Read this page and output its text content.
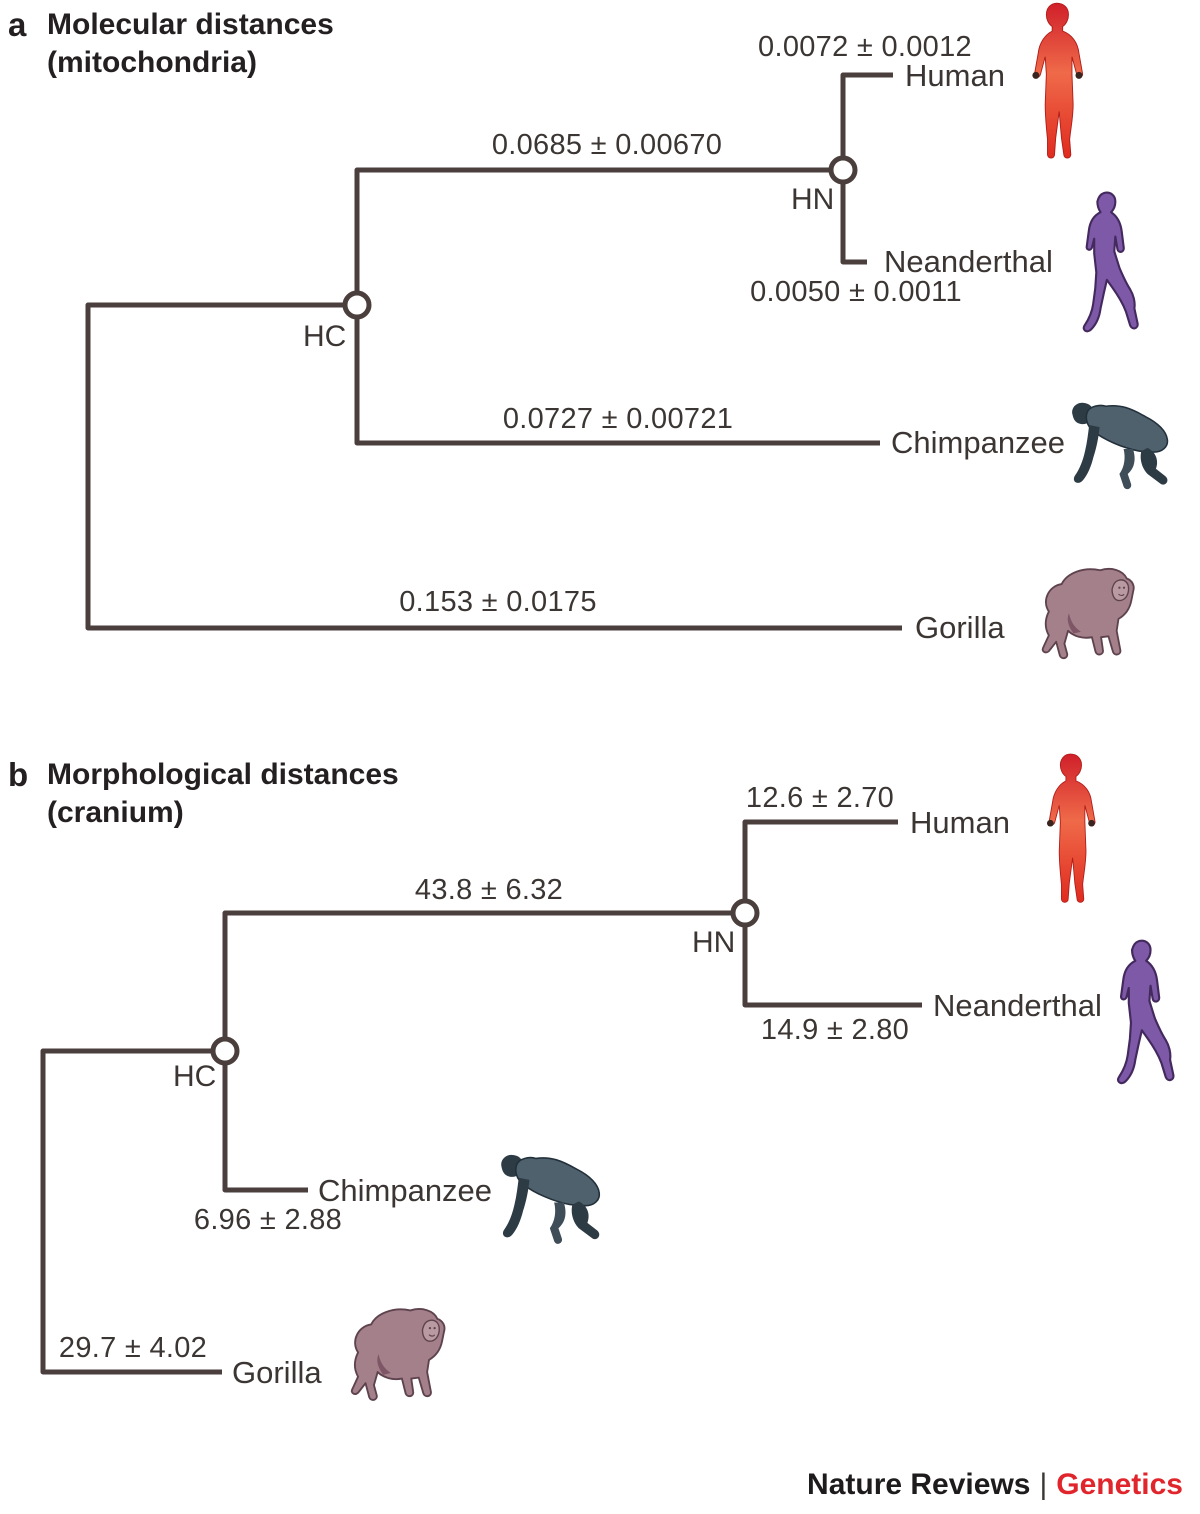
a Molecular distances
(mitochondria)	0.0072 ± 0.0012
Human
0.0685 ± 0.00670
HN
Neanderthal
0.0050 ± 0.0011
HC
0.0727 ± 0.00721
Chimpanzee
0.153 ± 0.0175
Gorilla
b Morphological distances
(cranium)	12.6 ± 2.70
Human
43.8 ± 6.32
HN
Neanderthal
14.9 ± 2.80
HC
Chimpanzee
6.96 ± 2.88
29.7 ± 4.02
Gorilla
Nature Reviews | Genetics
